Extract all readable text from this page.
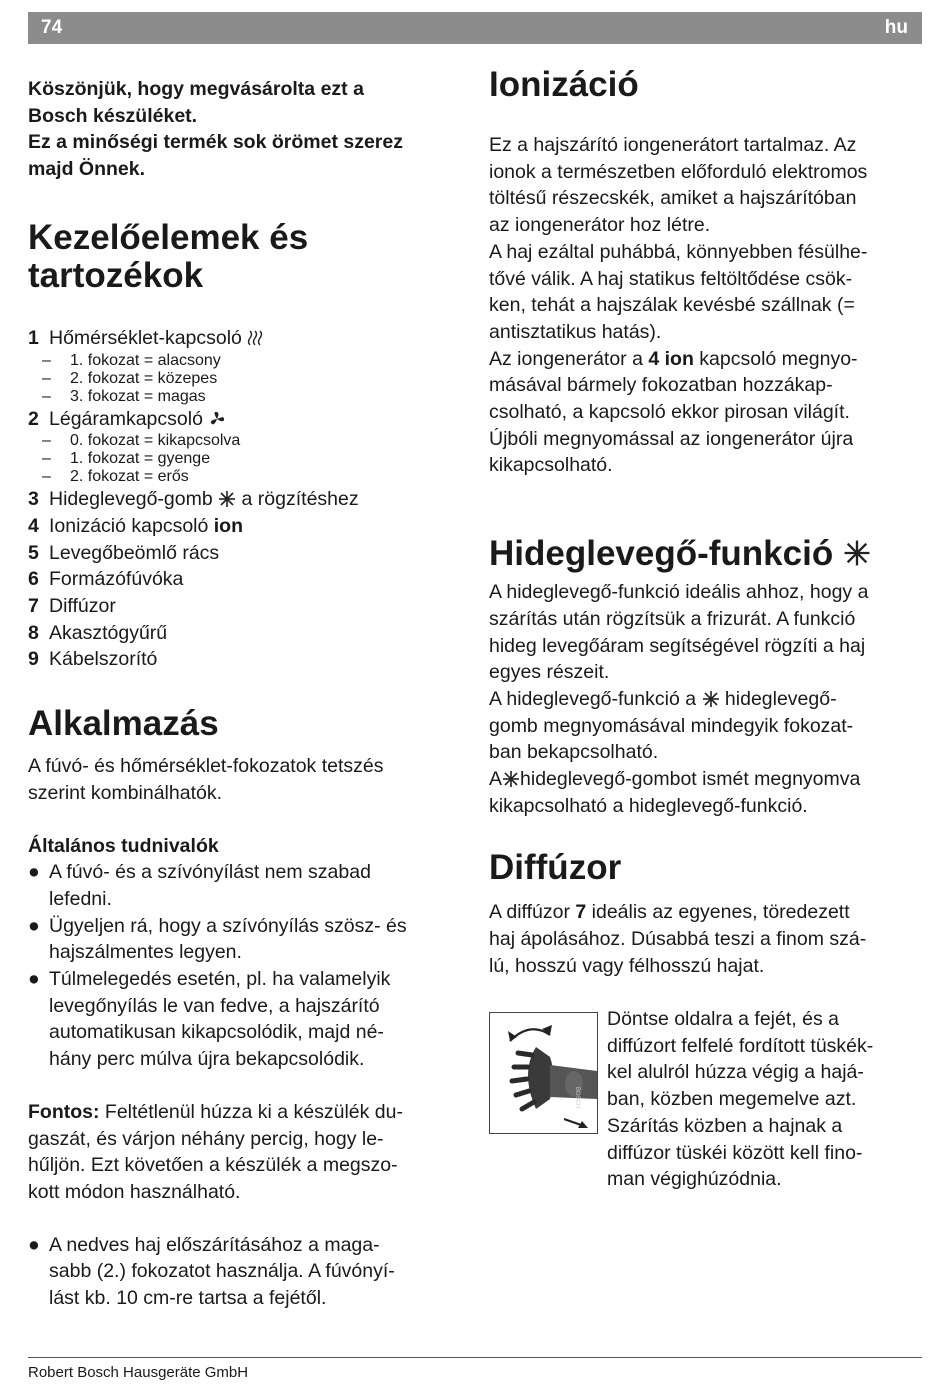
74	hu

Köszönjük, hogy megvásárolta ezt a

Bosch készüléket.

Ez a minőségi termék sok örömet szerez

majd Önnek.

Kezelőelemek és
tartozékok
1 Hőmérséklet-kapcsoló
– 1. fokozat = alacsony
– 2. fokozat = közepes
– 3. fokozat = magas
2 Légáramkapcsoló
– 0. fokozat = kikapcsolva
– 1. fokozat = gyenge
– 2. fokozat = erős
3 Hideglevegő-gomb a rögzítéshez
4 Ionizáció kapcsoló ion
5 Levegőbeömlő rács
6 Formázófúvóka
7 Diffúzor
8 Akasztógyűrű
9 Kábelszorító
Alkalmazás

A fúvó- és hőmérséklet-fokozatok tetszés

szerint kombinálhatók.

Általános tudnivalók
● A fúvó- és a szívónyílást nem szabad
lefedni.
● Ügyeljen rá, hogy a szívónyílás szösz- és
hajszálmentes legyen.
● Túlmelegedés esetén, pl. ha valamelyik
levegőnyílás le van fedve, a hajszárító
automatikusan kikapcsolódik, majd né-
hány perc múlva újra bekapcsolódik.

Fontos: Feltétlenül húzza ki a készülék du-
gaszát, és várjon néhány percig, hogy le-
hűljön. Ezt követően a készülék a megszo-
kott módon használható.

● A nedves haj előszárításához a maga-
sabb (2.) fokozatot használja. A fúvónyí-
lást kb. 10 cm-re tartsa a fejétől.
Ionizáció

Ez a hajszárító iongenerátort tartalmaz. Az

ionok a természetben előforduló elektromos

töltésű részecskék, amiket a hajszárítóban

az iongenerátor hoz létre.

A haj ezáltal puhábbá, könnyebben fésülhe-

tővé válik. A haj statikus feltöltődése csök-

ken, tehát a hajszálak kevésbé szállnak (=

antisztatikus hatás).

Az iongenerátor a 4 ion kapcsoló megnyo-

másával bármely fokozatban hozzákap-

csolható, a kapcsoló ekkor pirosan világít.

Újbóli megnyomással az iongenerátor újra

kikapcsolható.

Hideglevegő-funkció

A hideglevegő-funkció ideális ahhoz, hogy a

szárítás után rögzítsük a frizurát. A funkció

hideg levegőáram segítségével rögzíti a haj

egyes részeit.

A hideglevegő-funkció a hideglevegő-

gomb megnyomásával mindegyik fokozat-

ban bekapcsolható.

A hideglevegő-gombot ismét megnyomva

kikapcsolható a hideglevegő-funkció.

Diffúzor

A diffúzor 7 ideális az egyenes, töredezett

haj ápolásához. Dúsabbá teszi a finom szá-

lú, hosszú vagy félhosszú hajat.

BOSCH

Döntse oldalra a fejét, és a

diffúzort felfelé fordított tüskék-

kel alulról húzza végig a hajá-

ban, közben megemelve azt.

Szárítás közben a hajnak a

diffúzor tüskéi között kell fino-

man végighúzódnia.

Robert Bosch Hausgeräte GmbH
